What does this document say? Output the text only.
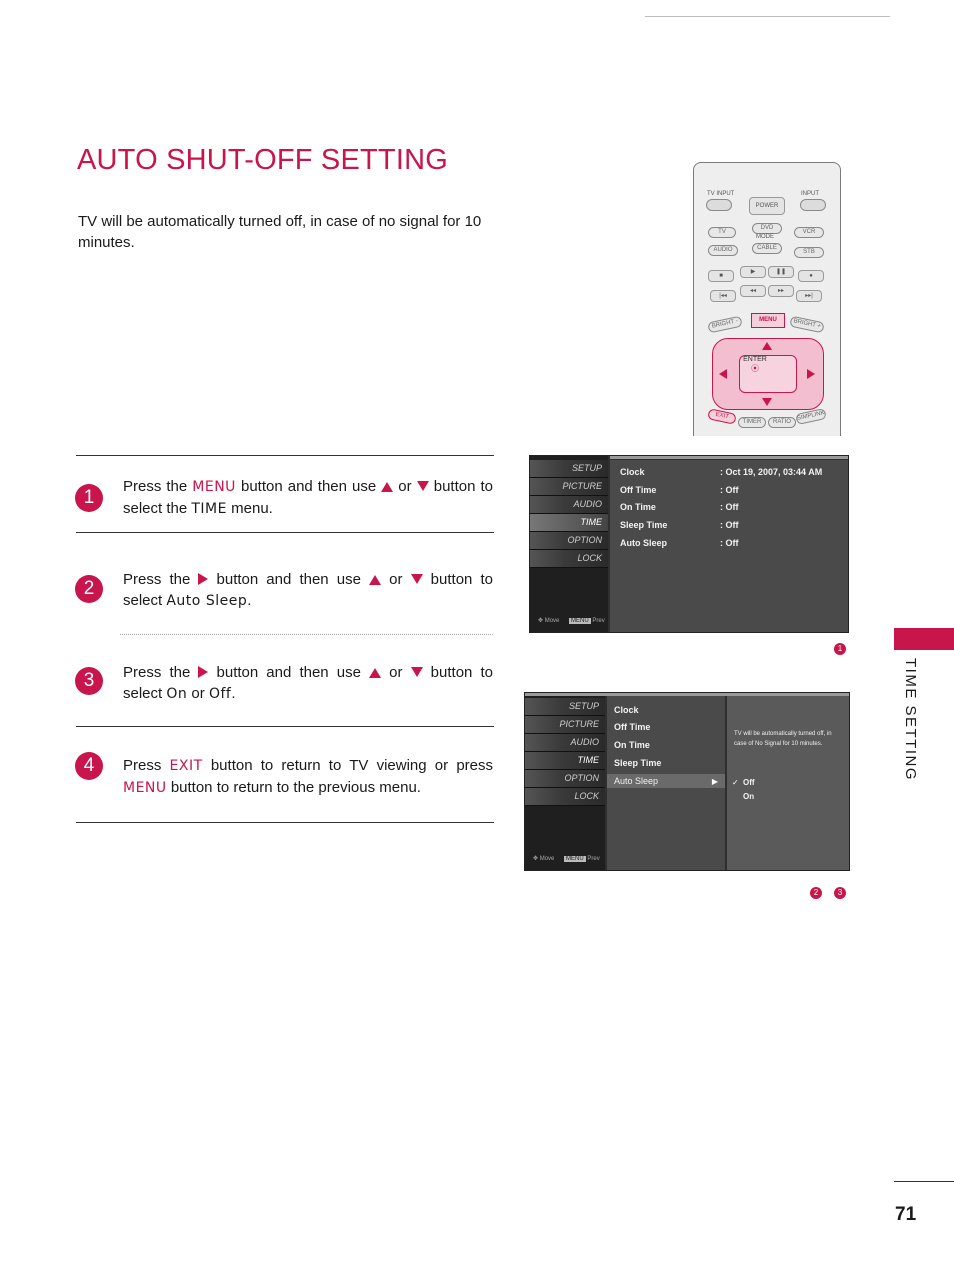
AUTO SHUT-OFF SETTING
TV will be automatically turned off, in case of no signal for 10 minutes.
TV INPUT	INPUT
POWER
TV
DVD
MODE
VCR
AUDIO	CABLE
STB
■
▶	❚❚
●
|◂◂
◂◂	▸▸
▸▸|
BRIGHT -	MENU	BRIGHT +
ENTER
⦿
EXIT
TIMER	RATIO
SIMPLINK
1
Press the MENU button and then use  or  button to select the TIME menu.
2	Press the  button and then use  or  button to select Auto Sleep.
3	Press the  button and then use  or  button to select On or Off.
4	Press EXIT button to return to TV viewing or press MENU button to return to the previous menu.
SETUP
PICTURE
AUDIO
TIME
OPTION
LOCK
✥ Move MENU Prev
Clock	: Oct 19, 2007, 03:44 AM
Off Time	: Off
On Time	: Off
Sleep Time	: Off
Auto Sleep	: Off
1
SETUP
PICTURE
AUDIO
TIME
OPTION
LOCK
✥ Move MENU Prev
Clock
Off Time
On Time
Sleep Time
Auto Sleep	▶
TV will be automatically turned off, in case of No Signal for 10 minutes.
✓ Off
On
2	3
TIME SETTING
71
